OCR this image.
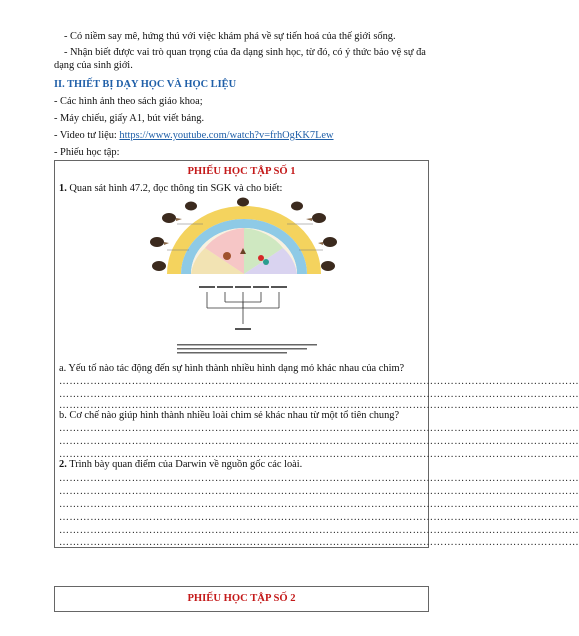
- Có niềm say mê, hứng thú với việc khám phá về sự tiến hoá của thế giới sống.
- Nhận biết được vai trò quan trọng của đa dạng sinh học, từ đó, có ý thức bảo vệ sự đa dạng của sinh giới.
II. THIẾT BỊ DẠY HỌC VÀ HỌC LIỆU
- Các hình ảnh theo sách giáo khoa;
- Máy chiếu, giấy A1, bút viết bảng.
- Video tư liệu: https://www.youtube.com/watch?v=frhOgKK7Lew
- Phiếu học tập:
PHIẾU HỌC TẬP SỐ 1
1. Quan sát hình 47.2, đọc thông tin SGK và cho biết:
a. Yếu tố nào tác động đến sự hình thành nhiều hình dạng mỏ khác nhau của chim?
……………………………………………………………………………………………………………………………………
……………………………………………………………………………………………………………………………………
……………………………………………………………………………………………………………………………………
b. Cơ chế nào giúp hình thành nhiều loài chim sẻ khác nhau từ một tổ tiên chung?
……………………………………………………………………………………………………………………………………
……………………………………………………………………………………………………………………………………
……………………………………………………………………………………………………………………………………
2. Trình bày quan điểm của Darwin về nguồn gốc các loài.
……………………………………………………………………………………………………………………………………
……………………………………………………………………………………………………………………………………
……………………………………………………………………………………………………………………………………
……………………………………………………………………………………………………………………………………
……………………………………………………………………………………………………………………………………
……………………………………………………………………………………………………………………………………
PHIẾU HỌC TẬP SỐ 2
